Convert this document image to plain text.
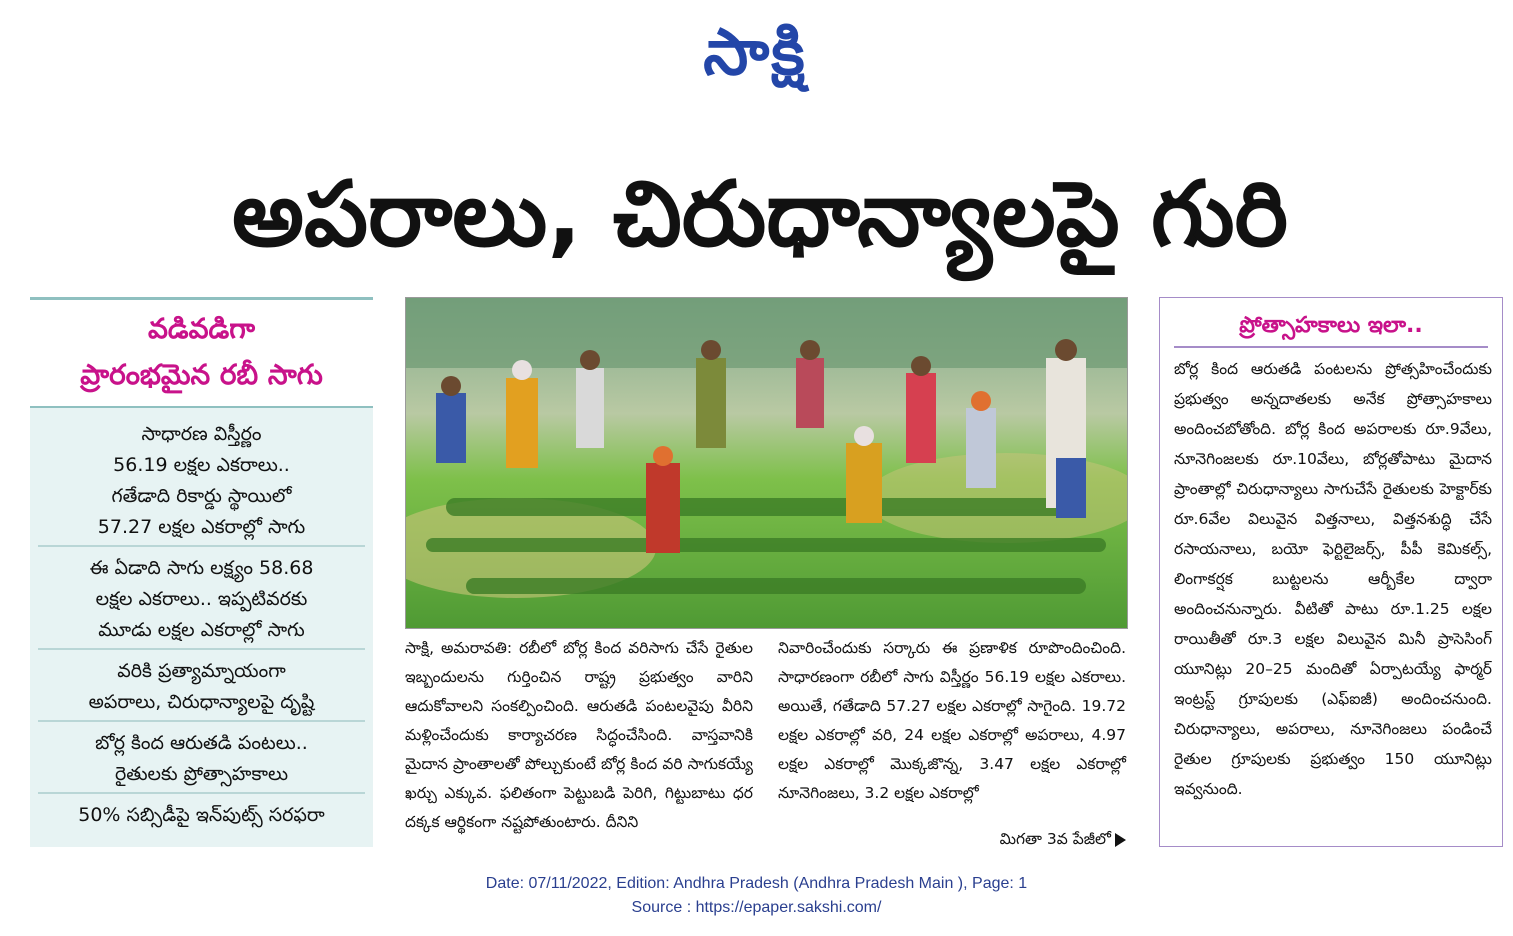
సాక్షి
అపరాలు, చిరుధాన్యాలపై గురి
వడివడిగా
ప్రారంభమైన రబీ సాగు
సాధారణ విస్తీర్ణం
56.19 లక్షల ఎకరాలు..
గతేడాది రికార్డు స్థాయిలో
57.27 లక్షల ఎకరాల్లో సాగు
ఈ ఏడాది సాగు లక్ష్యం 58.68
లక్షల ఎకరాలు.. ఇప్పటివరకు
మూడు లక్షల ఎకరాల్లో సాగు
వరికి ప్రత్యామ్నాయంగా
అపరాలు, చిరుధాన్యాలపై దృష్టి
బోర్ల కింద ఆరుతడి పంటలు..
రైతులకు ప్రోత్సాహకాలు
50% సబ్సిడీపై ఇన్‌పుట్స్ సరఫరా
సాక్షి, అమరావతి: రబీలో బోర్ల కింద వరిసాగు చేసే రైతుల ఇబ్బందులను గుర్తించిన రాష్ట్ర ప్రభుత్వం వారిని ఆదుకోవాలని సంకల్పించింది. ఆరుతడి పంటలవైపు వీరిని మళ్లించేందుకు కార్యాచరణ సిద్ధంచేసింది. వాస్తవానికి మైదాన ప్రాంతాలతో పోల్చుకుంటే బోర్ల కింద వరి సాగుకయ్యే ఖర్చు ఎక్కువ. ఫలితంగా పెట్టుబడి పెరిగి, గిట్టుబాటు ధర దక్కక ఆర్థికంగా నష్టపోతుంటారు. దీనిని
నివారించేందుకు సర్కారు ఈ ప్రణాళిక రూపొందించింది. సాధారణంగా రబీలో సాగు విస్తీర్ణం 56.19 లక్షల ఎకరాలు. అయితే, గతేడాది 57.27 లక్షల ఎకరాల్లో సాగైంది. 19.72 లక్షల ఎకరాల్లో వరి, 24 లక్షల ఎకరాల్లో అపరాలు, 4.97 లక్షల ఎకరాల్లో మొక్కజొన్న, 3.47 లక్షల ఎకరాల్లో నూనెగింజలు, 3.2 లక్షల ఎకరాల్లో
మిగతా 3వ పేజీలో
ప్రోత్సాహకాలు ఇలా..
బోర్ల కింద ఆరుతడి పంటలను ప్రోత్సహించేందుకు ప్రభుత్వం అన్నదాతలకు అనేక ప్రోత్సాహకాలు అందించబోతోంది. బోర్ల కింద అపరాలకు రూ.9వేలు, నూనెగింజలకు రూ.10వేలు, బోర్లతోపాటు మైదాన ప్రాంతాల్లో చిరుధాన్యాలు సాగుచేసే రైతులకు హెక్టార్‌కు రూ.6వేల విలువైన విత్తనాలు, విత్తనశుద్ధి చేసే రసాయనాలు, బయో ఫెర్టిలైజర్స్, పీపీ కెమికల్స్, లింగాకర్షక బుట్టలను ఆర్బీకేల ద్వారా అందించనున్నారు. వీటితో పాటు రూ.1.25 లక్షల రాయితీతో రూ.3 లక్షల విలువైన మినీ ప్రాసెసింగ్ యూనిట్లు 20–25 మందితో ఏర్పాటయ్యే ఫార్మర్ ఇంట్రస్ట్ గ్రూపులకు (ఎఫ్ఐజీ) అందించనుంది. చిరుధాన్యాలు, అపరాలు, నూనెగింజలు పండించే రైతుల గ్రూపులకు ప్రభుత్వం 150 యూనిట్లు ఇవ్వనుంది.
Date: 07/11/2022, Edition: Andhra Pradesh (Andhra Pradesh Main ), Page: 1
Source : https://epaper.sakshi.com/
